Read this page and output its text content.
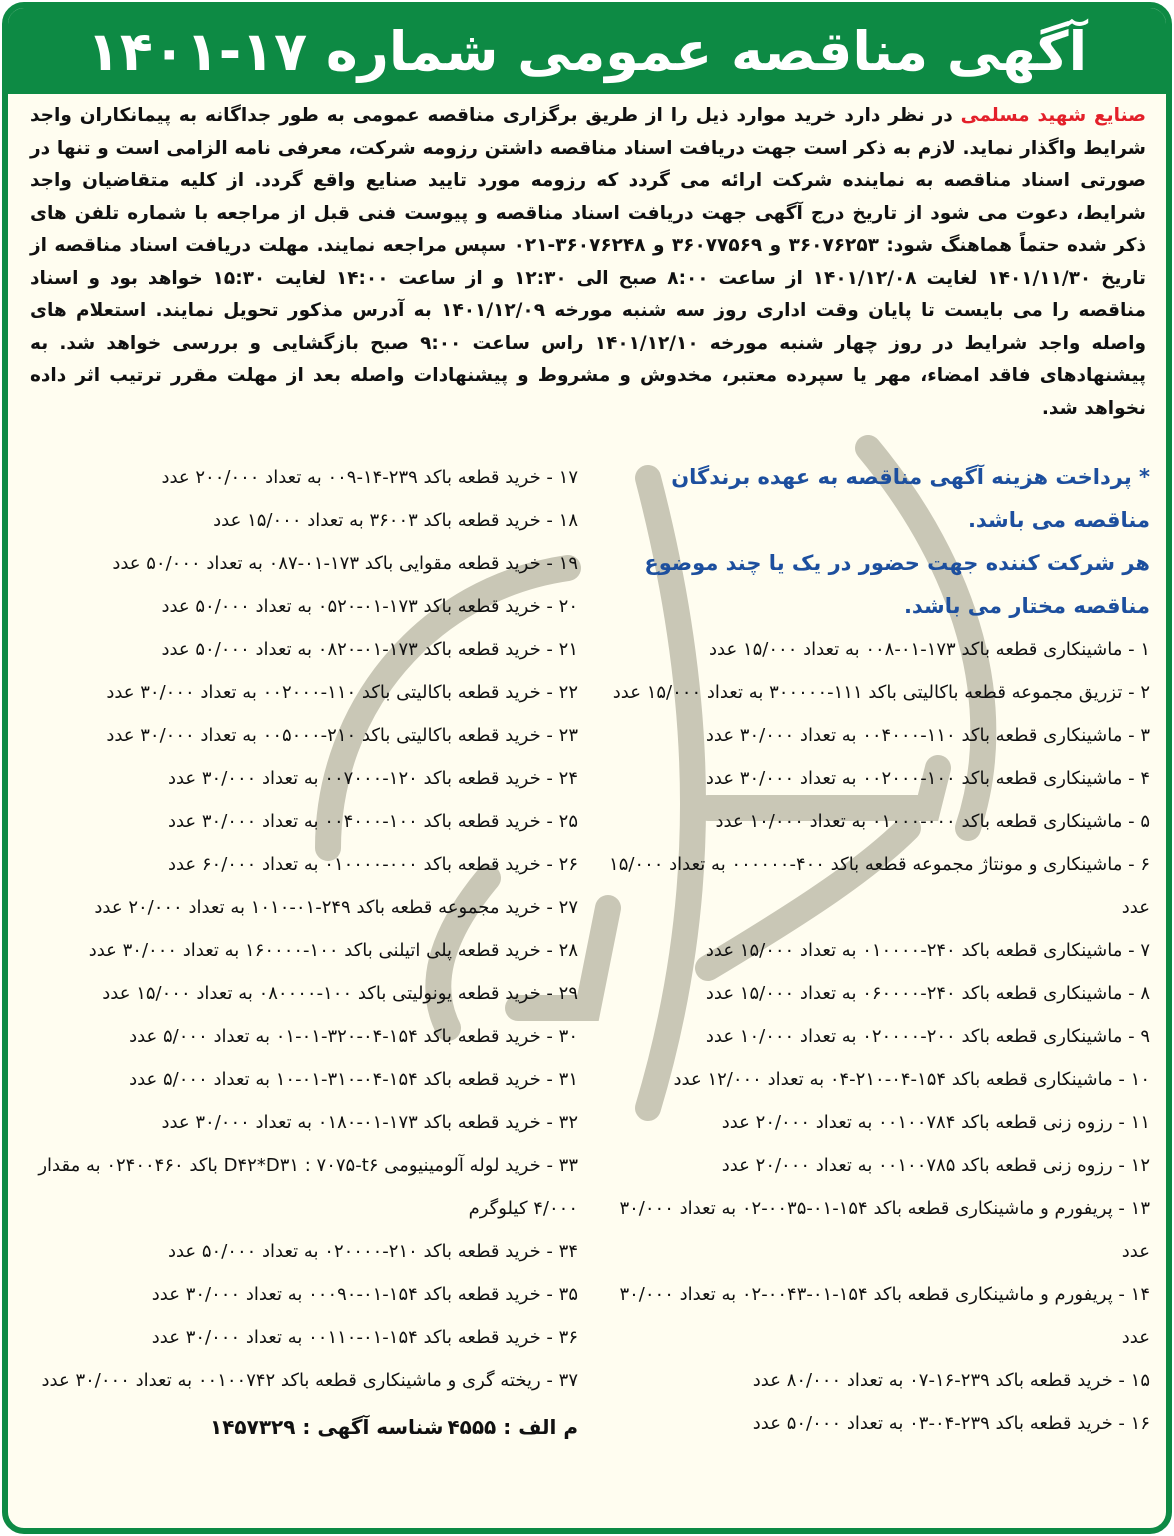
آگهی مناقصه عمومی شماره ۱۷-۱۴۰۱
صنایع شهید مسلمی در نظر دارد خرید موارد ذیل را از طریق برگزاری مناقصه عمومی به طور جداگانه به پیمانکاران واجد شرایط واگذار نماید. لازم به ذکر است جهت دریافت اسناد مناقصه داشتن رزومه شرکت، معرفی نامه الزامی است و تنها در صورتی اسناد مناقصه به نماینده شرکت ارائه می گردد که رزومه مورد تایید صنایع واقع گردد. از کلیه متقاضیان واجد شرایط، دعوت می شود از تاریخ درج آگهی جهت دریافت اسناد مناقصه و پیوست فنی قبل از مراجعه با شماره تلفن های ذکر شده حتماً هماهنگ شود: ۳۶۰۷۶۲۵۳ و ۳۶۰۷۷۵۶۹ و ۳۶۰۷۶۲۴۸-۰۲۱ سپس مراجعه نمایند. مهلت دریافت اسناد مناقصه از تاریخ ۱۴۰۱/۱۱/۳۰ لغایت ۱۴۰۱/۱۲/۰۸ از ساعت ۸:۰۰ صبح الی ۱۲:۳۰ و از ساعت ۱۴:۰۰ لغایت ۱۵:۳۰ خواهد بود و اسناد مناقصه را می بایست تا پایان وقت اداری روز سه شنبه مورخه ۱۴۰۱/۱۲/۰۹ به آدرس مذکور تحویل نمایند. استعلام های واصله واجد شرایط در روز چهار شنبه مورخه ۱۴۰۱/۱۲/۱۰ راس ساعت ۹:۰۰ صبح بازگشایی و بررسی خواهد شد. به پیشنهادهای فاقد امضاء، مهر یا سپرده معتبر، مخدوش و مشروط و پیشنهادات واصله بعد از مهلت مقرر ترتیب اثر داده نخواهد شد.
* پرداخت هزینه آگهی مناقصه به عهده برندگان مناقصه می باشد.
هر شرکت کننده جهت حضور در یک یا چند موضوع مناقصه مختار می باشد.
۱ - ماشینکاری قطعه باکد ۱۷۳-۰۱-۰۰۸ به تعداد ۱۵/۰۰۰ عدد
۲ - تزریق مجموعه قطعه باکالیتی باکد ۱۱۱-۳۰۰۰۰۰ به تعداد ۱۵/۰۰۰ عدد
۳ - ماشینکاری قطعه باکد ۱۱۰-۰۰۴۰۰۰ به تعداد ۳۰/۰۰۰ عدد
۴ - ماشینکاری قطعه باکد ۱۰۰-۰۰۲۰۰۰ به تعداد ۳۰/۰۰۰ عدد
۵ - ماشینکاری قطعه باکد ۰۰۰-۰۱۰۰۰ به تعداد ۱۰/۰۰۰ عدد
۶ - ماشینکاری و مونتاژ مجموعه قطعه باکد ۴۰۰-۰۰۰۰۰۰ به تعداد ۱۵/۰۰۰ عدد
۷ - ماشینکاری قطعه باکد ۲۴۰-۰۱۰۰۰۰ به تعداد ۱۵/۰۰۰ عدد
۸ - ماشینکاری قطعه باکد ۲۴۰-۰۶۰۰۰۰ به تعداد ۱۵/۰۰۰ عدد
۹ - ماشینکاری قطعه باکد ۲۰۰-۰۲۰۰۰۰ به تعداد ۱۰/۰۰۰ عدد
۱۰ - ماشینکاری قطعه باکد ۱۵۴-۰۴-۲۱۰-۰۴ به تعداد ۱۲/۰۰۰ عدد
۱۱ - رزوه زنی قطعه باکد ۰۰۱۰۰۷۸۴ به تعداد ۲۰/۰۰۰ عدد
۱۲ - رزوه زنی قطعه باکد ۰۰۱۰۰۷۸۵ به تعداد ۲۰/۰۰۰ عدد
۱۳ - پریفورم و ماشینکاری قطعه باکد ۱۵۴-۰۱-۰۰۳۵-۰۲ به تعداد ۳۰/۰۰۰ عدد
۱۴ - پریفورم و ماشینکاری قطعه باکد ۱۵۴-۰۱-۰۰۴۳-۰۲ به تعداد ۳۰/۰۰۰ عدد
۱۵ - خرید قطعه باکد ۲۳۹-۱۶-۰۷ به تعداد ۸۰/۰۰۰ عدد
۱۶ - خرید قطعه باکد ۲۳۹-۰۴-۰۳ به تعداد ۵۰/۰۰۰ عدد
۱۷ - خرید قطعه باکد ۲۳۹-۱۴-۰۰۹ به تعداد ۲۰۰/۰۰۰ عدد
۱۸ - خرید قطعه باکد ۳۶۰۰۳ به تعداد ۱۵/۰۰۰ عدد
۱۹ - خرید قطعه مقوایی باکد ۱۷۳-۰۱-۰۸۷ به تعداد ۵۰/۰۰۰ عدد
۲۰ - خرید قطعه باکد ۱۷۳-۰۱-۰۵۲۰ به تعداد ۵۰/۰۰۰ عدد
۲۱ - خرید قطعه باکد ۱۷۳-۰۱-۰۸۲۰ به تعداد ۵۰/۰۰۰ عدد
۲۲ - خرید قطعه باکالیتی باکد ۱۱۰-۰۰۲۰۰۰ به تعداد ۳۰/۰۰۰ عدد
۲۳ - خرید قطعه باکالیتی باکد ۲۱۰-۰۰۵۰۰۰ به تعداد ۳۰/۰۰۰ عدد
۲۴ - خرید قطعه باکد ۱۲۰-۰۰۷۰۰۰ به تعداد ۳۰/۰۰۰ عدد
۲۵ - خرید قطعه باکد ۱۰۰-۰۰۴۰۰۰ به تعداد ۳۰/۰۰۰ عدد
۲۶ - خرید قطعه باکد ۰۰۰-۰۱۰۰۰۰ به تعداد ۶۰/۰۰۰ عدد
۲۷ - خرید مجموعه قطعه باکد ۲۴۹-۰۱-۱۰۱۰ به تعداد ۲۰/۰۰۰ عدد
۲۸ - خرید قطعه پلی اتیلنی باکد ۱۰۰-۱۶۰۰۰۰ به تعداد ۳۰/۰۰۰ عدد
۲۹ - خرید قطعه یونولیتی باکد ۱۰۰-۰۸۰۰۰۰ به تعداد ۱۵/۰۰۰ عدد
۳۰ - خرید قطعه باکد ۱۵۴-۰۴-۳۲۰-۰۱-۰۱ به تعداد ۵/۰۰۰ عدد
۳۱ - خرید قطعه باکد ۱۵۴-۰۴-۳۱۰-۰۱-۱۰ به تعداد ۵/۰۰۰ عدد
۳۲ - خرید قطعه باکد ۱۷۳-۰۱-۰۱۸۰ به تعداد ۳۰/۰۰۰ عدد
۳۳ - خرید لوله آلومینیومی D۴۲*D۳۱ : ۷۰۷۵-t۶ باکد ۰۲۴۰۰۴۶۰ به مقدار ۴/۰۰۰ کیلوگرم
۳۴ - خرید قطعه باکد ۲۱۰-۰۲۰۰۰۰ به تعداد ۵۰/۰۰۰ عدد
۳۵ - خرید قطعه باکد ۱۵۴-۰۱-۰۰۰۹۰ به تعداد ۳۰/۰۰۰ عدد
۳۶ - خرید قطعه باکد ۱۵۴-۰۱-۰۰۱۱۰ به تعداد ۳۰/۰۰۰ عدد
۳۷ - ریخته گری و ماشینکاری قطعه باکد ۰۰۱۰۰۷۴۲ به تعداد ۳۰/۰۰۰ عدد
م الف : ۴۵۵۵
شناسه آگهی : ۱۴۵۷۳۲۹
